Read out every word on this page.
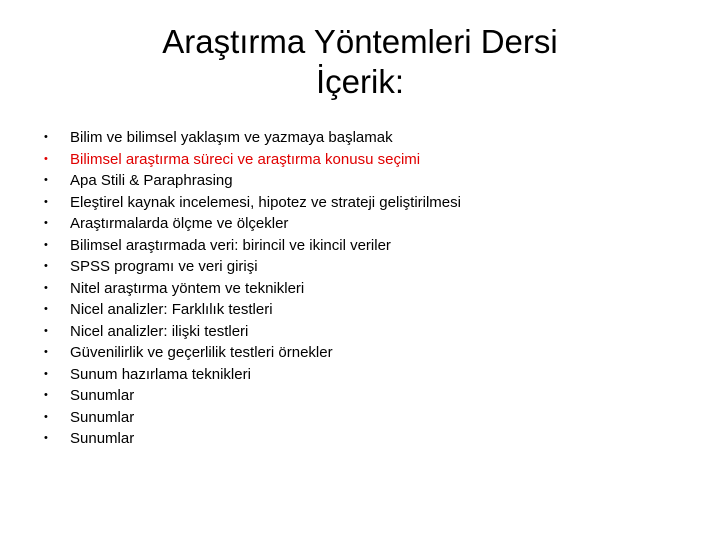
Araştırma Yöntemleri Dersi
İçerik:
• Bilim ve bilimsel yaklaşım ve yazmaya başlamak
• Bilimsel araştırma süreci ve araştırma konusu seçimi
• Apa Stili & Paraphrasing
• Eleştirel kaynak incelemesi, hipotez ve strateji geliştirilmesi
• Araştırmalarda ölçme ve ölçekler
• Bilimsel araştırmada veri: birincil ve ikincil veriler
• SPSS programı ve veri girişi
• Nitel araştırma yöntem ve teknikleri
• Nicel analizler: Farklılık testleri
• Nicel analizler: ilişki testleri
• Güvenilirlik ve geçerlilik testleri örnekler
• Sunum hazırlama teknikleri
• Sunumlar
• Sunumlar
• Sunumlar
